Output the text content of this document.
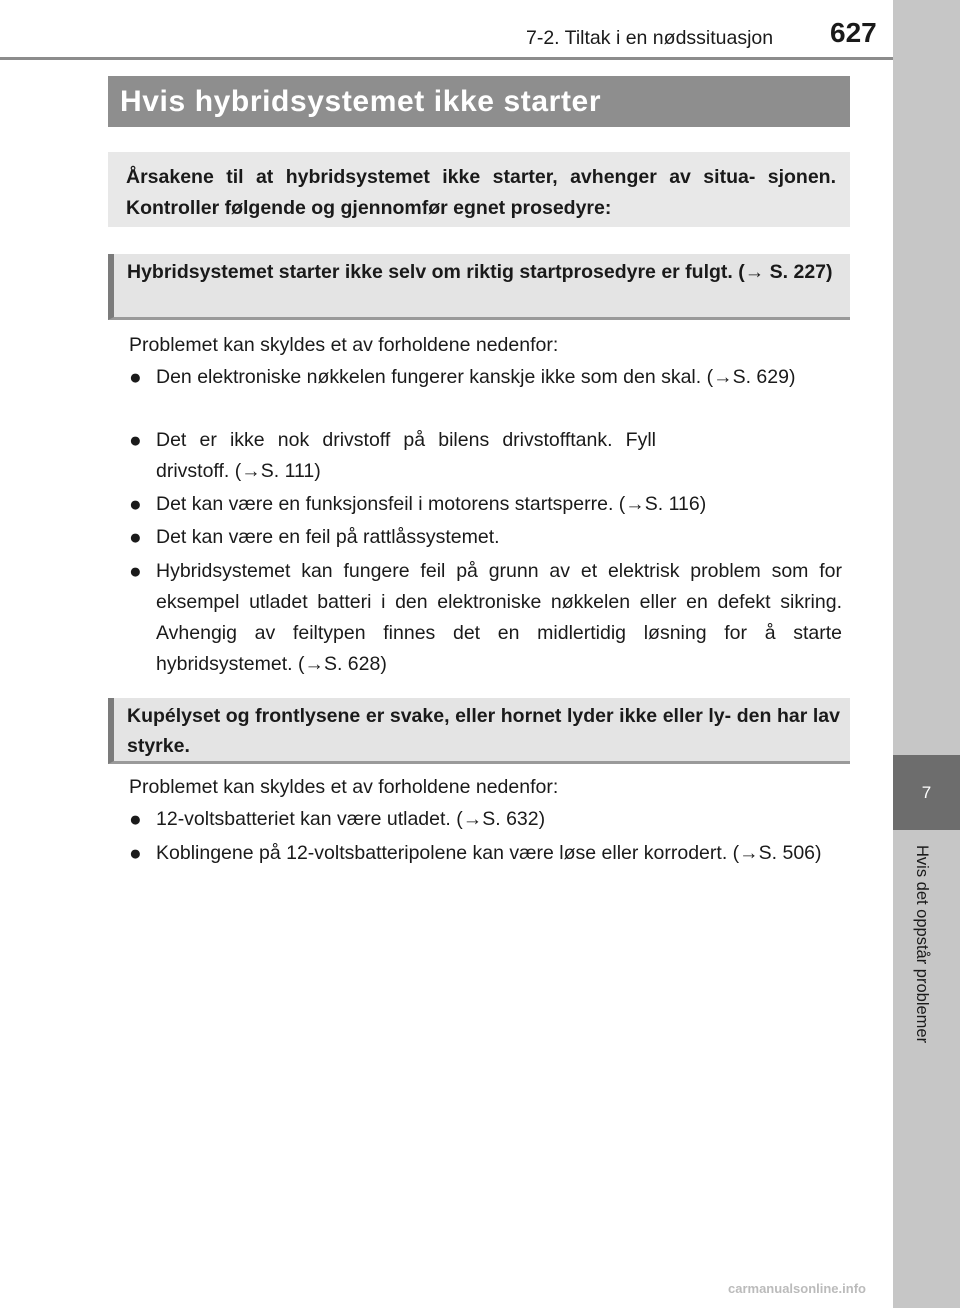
7
Hvis det oppstår problemer
7-2. Tiltak i en nødssituasjon 627
Hvis hybridsystemet ikke starter
Årsakene til at hybridsystemet ikke starter, avhenger av situa- sjonen. Kontroller følgende og gjennomfør egnet prosedyre:
Hybridsystemet starter ikke selv om riktig startprosedyre er fulgt. (→ S. 227)
Problemet kan skyldes et av forholdene nedenfor:
● Den elektroniske nøkkelen fungerer kanskje ikke som den skal. (→S. 629)
● Det er ikke nok drivstoff på bilens drivstofftank. Fyll drivstoff. (→S. 111)
● Det kan være en funksjonsfeil i motorens startsperre. (→S. 116)
● Det kan være en feil på rattlåssystemet.
● Hybridsystemet kan fungere feil på grunn av et elektrisk problem som for eksempel utladet batteri i den elektroniske nøkkelen eller en defekt sikring. Avhengig av feiltypen finnes det en midlertidig løsning for å starte hybridsystemet. (→S. 628)
Kupélyset og frontlysene er svake, eller hornet lyder ikke eller ly- den har lav styrke.
Problemet kan skyldes et av forholdene nedenfor:
● 12-voltsbatteriet kan være utladet. (→S. 632)
● Koblingene på 12-voltsbatteripolene kan være løse eller korrodert. (→S. 506)
carmanualsonline.info
